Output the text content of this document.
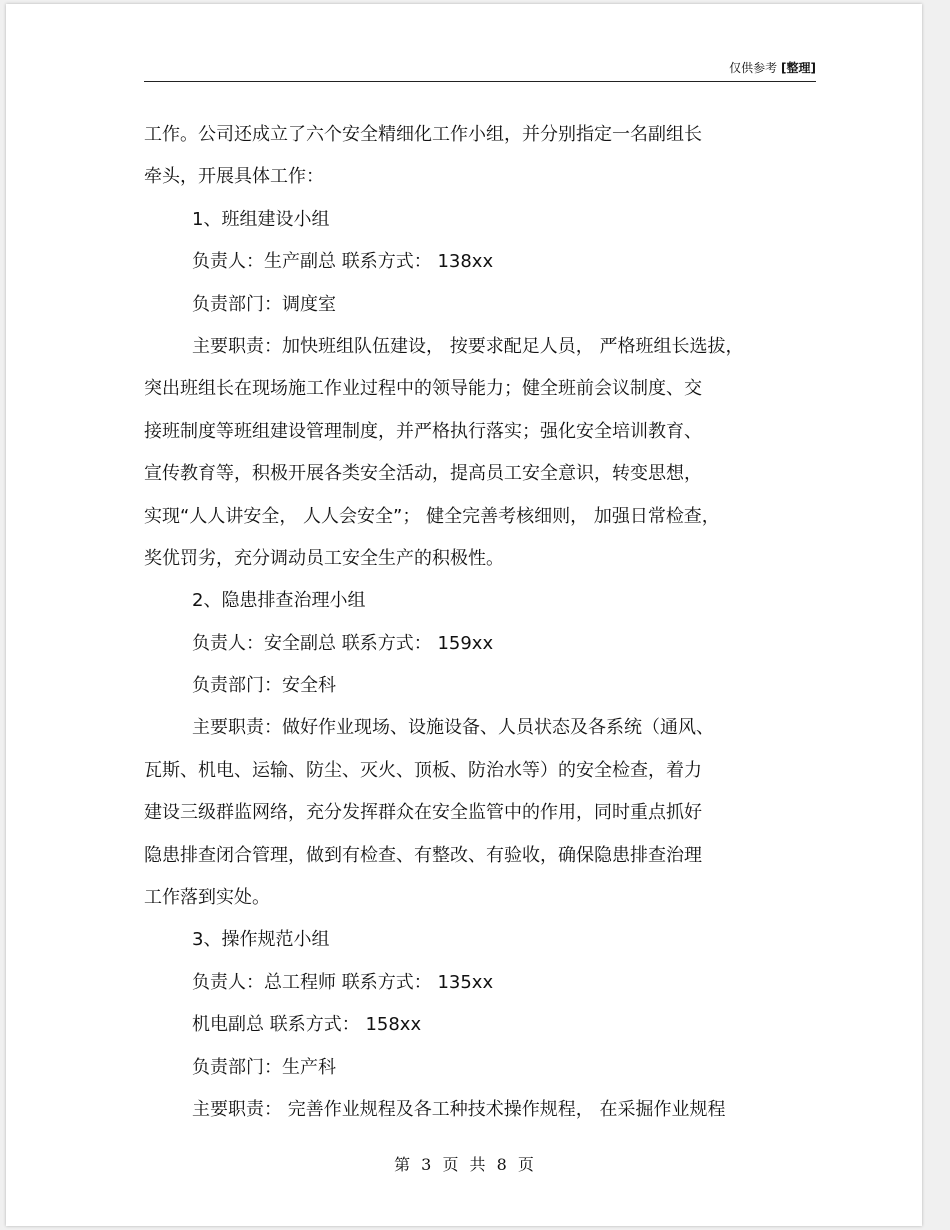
仅供参考 [整理]
工作。公司还成立了六个安全精细化工作小组，并分别指定一名副组长
牵头，开展具体工作：
1、班组建设小组
负责人：生产副总 联系方式： 138xx
负责部门：调度室
主要职责：加快班组队伍建设， 按要求配足人员， 严格班组长选拔，
突出班组长在现场施工作业过程中的领导能力；健全班前会议制度、交
接班制度等班组建设管理制度，并严格执行落实；强化安全培训教育、
宣传教育等，积极开展各类安全活动，提高员工安全意识，转变思想，
实现“人人讲安全， 人人会安全”； 健全完善考核细则， 加强日常检查，
奖优罚劣，充分调动员工安全生产的积极性。
2、隐患排查治理小组
负责人：安全副总 联系方式： 159xx
负责部门：安全科
主要职责：做好作业现场、设施设备、人员状态及各系统（通风、
瓦斯、机电、运输、防尘、灭火、顶板、防治水等）的安全检查，着力
建设三级群监网络，充分发挥群众在安全监管中的作用，同时重点抓好
隐患排查闭合管理，做到有检查、有整改、有验收，确保隐患排查治理
工作落到实处。
3、操作规范小组
负责人：总工程师 联系方式： 135xx
机电副总 联系方式： 158xx
负责部门：生产科
主要职责： 完善作业规程及各工种技术操作规程， 在采掘作业规程
第 3 页 共 8 页
